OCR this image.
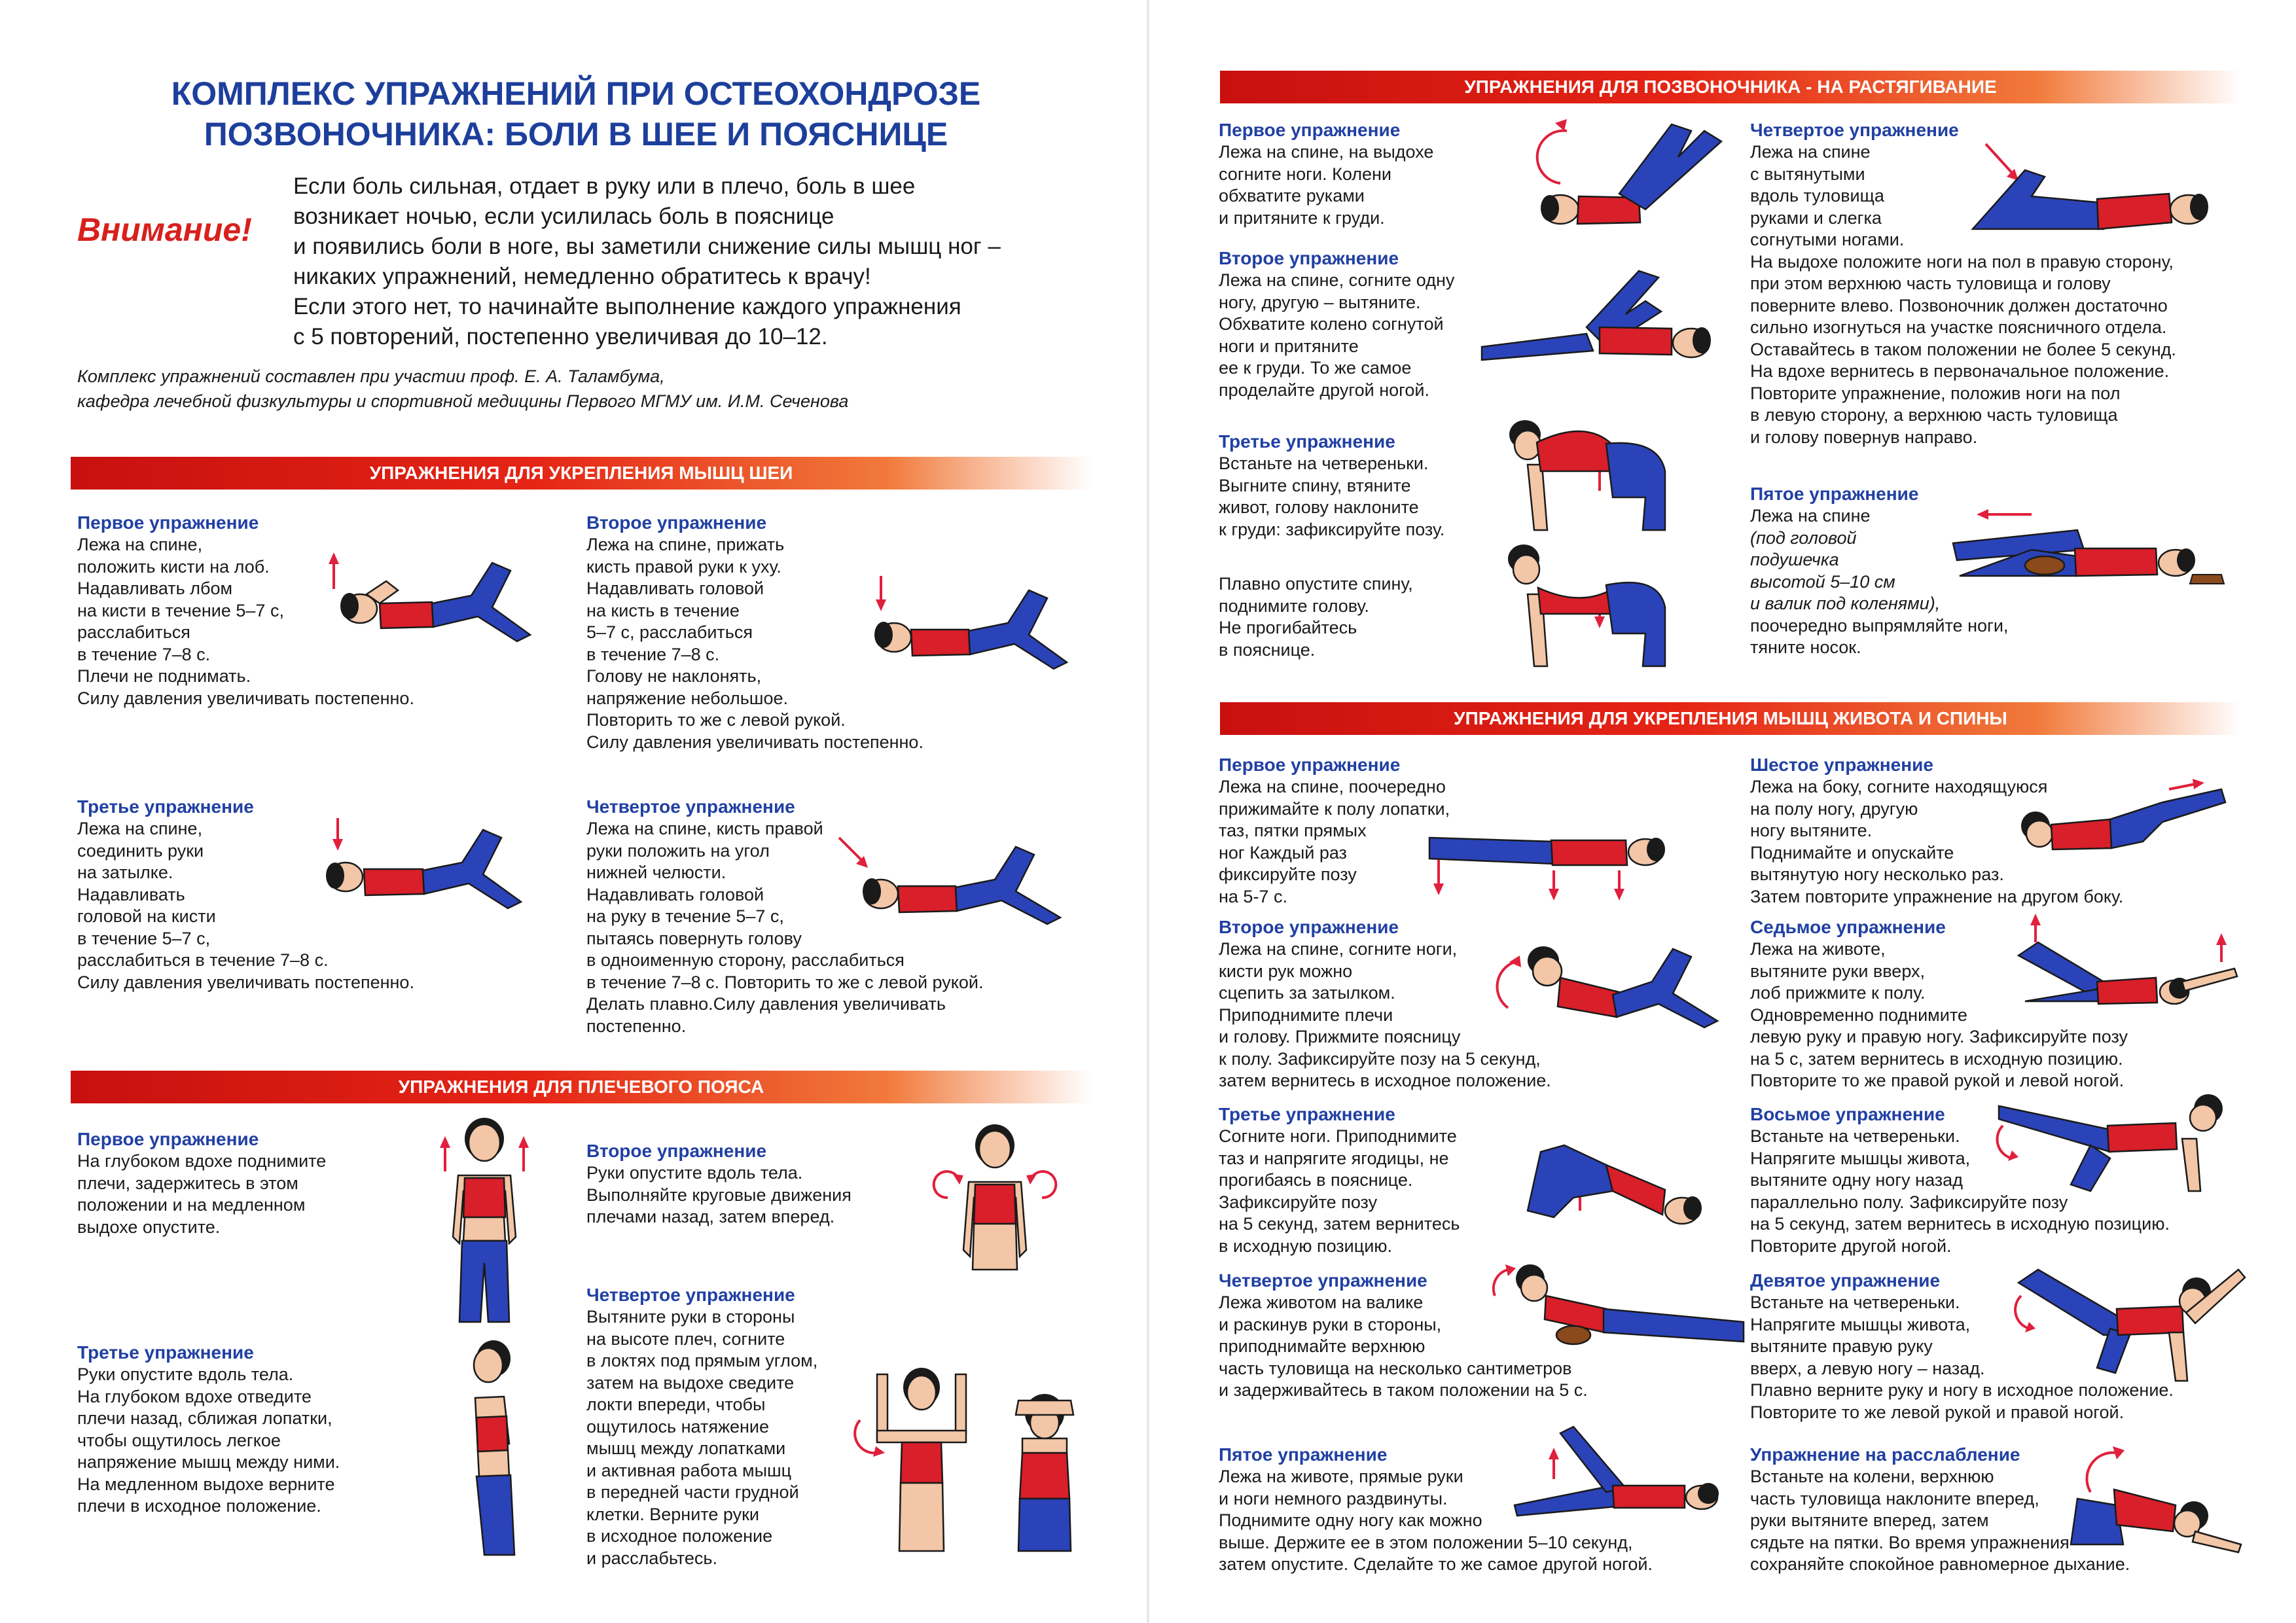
КОМПЛЕКС УПРАЖНЕНИЙ ПРИ ОСТЕОХОНДРОЗЕ
ПОЗВОНОЧНИКА: БОЛИ В ШЕЕ И ПОЯСНИЦЕ
Внимание!
Если боль сильная, отдает в руку или в плечо, боль в шее
возникает ночью, если усилилась боль в пояснице
и появились боли в ноге, вы заметили снижение силы мышц ног –
никаких упражнений, немедленно обратитесь к врачу!
Если этого нет, то начинайте выполнение каждого упражнения
с 5 повторений, постепенно увеличивая до 10–12.
Комплекс упражнений составлен при участии проф. Е. А. Таламбума,
кафедра лечебной физкультуры и спортивной медицины Первого МГМУ им. И.М. Сеченова
УПРАЖНЕНИЯ ДЛЯ УКРЕПЛЕНИЯ МЫШЦ ШЕИ
Первое упражнение
Лежа на спине,
положить кисти на лоб.
Надавливать лбом
на кисти в течение 5–7 с,
расслабиться
в течение 7–8 с.
Плечи не поднимать.
Силу давления увеличивать постепенно.
Второе упражнение
Лежа на спине, прижать
кисть правой руки к уху.
Надавливать головой
на кисть в течение
5–7 с, расслабиться
в течение 7–8 с.
Голову не наклонять,
напряжение небольшое.
Повторить то же с левой рукой.
Силу давления увеличивать постепенно.
Третье упражнение
Лежа на спине,
соединить руки
на затылке.
Надавливать
головой на кисти
в течение 5–7 с,
расслабиться в течение 7–8 с.
Силу давления увеличивать постепенно.
Четвертое упражнение
Лежа на спине, кисть правой
руки положить на угол
нижней челюсти.
Надавливать головой
на руку в течение 5–7 с,
пытаясь повернуть голову
в одноименную сторону, расслабиться
в течение 7–8 с. Повторить то же с левой рукой.
Делать плавно.Силу давления увеличивать
постепенно.
УПРАЖНЕНИЯ ДЛЯ ПЛЕЧЕВОГО ПОЯСА
Первое упражнение
На глубоком вдохе поднимите
плечи, задержитесь в этом
положении и на медленном
выдохе опустите.
Второе упражнение
Руки опустите вдоль тела.
Выполняйте круговые движения
плечами назад, затем вперед.
Третье упражнение
Руки опустите вдоль тела.
На глубоком вдохе отведите
плечи назад, сближая лопатки,
чтобы ощутилось легкое
напряжение мышц между ними.
На медленном выдохе верните
плечи в исходное положение.
Четвертое упражнение
Вытяните руки в стороны
на высоте плеч, согните
в локтях под прямым углом,
затем на выдохе сведите
локти впереди, чтобы
ощутилось натяжение
мышц между лопатками
и активная работа мышц
в передней части грудной
клетки. Верните руки
в исходное положение
и расслабьтесь.
УПРАЖНЕНИЯ ДЛЯ ПОЗВОНОЧНИКА - НА РАСТЯГИВАНИЕ
Первое упражнение
Лежа на спине, на выдохе
согните ноги. Колени
обхватите руками
и притяните к груди.
Второе упражнение
Лежа на спине, согните одну
ногу, другую – вытяните.
Обхватите колено согнутой
ноги и притяните
ее к груди. То же самое
проделайте другой ногой.
Третье упражнение
Встаньте на четвереньки.
Выгните спину, втяните
живот, голову наклоните
к груди: зафиксируйте позу.
Плавно опустите спину,
поднимите голову.
Не прогибайтесь
в пояснице.
Четвертое упражнение
Лежа на спине
с вытянутыми
вдоль туловища
руками и слегка
согнутыми ногами.
На выдохе положите ноги на пол в правую сторону,
при этом верхнюю часть туловища и голову
поверните влево. Позвоночник должен достаточно
сильно изогнуться на участке поясничного отдела.
Оставайтесь в таком положении не более 5 секунд.
На вдохе вернитесь в первоначальное положение.
Повторите упражнение, положив ноги на пол
в левую сторону, а верхнюю часть туловища
и голову повернув направо.
Пятое упражнение
Лежа на спине
(под головой
подушечка
высотой 5–10 см
и валик под коленями),
поочередно выпрямляйте ноги,
тяните носок.
УПРАЖНЕНИЯ ДЛЯ УКРЕПЛЕНИЯ МЫШЦ ЖИВОТА И СПИНЫ
Первое упражнение
Лежа на спине, поочередно
прижимайте к полу лопатки,
таз, пятки прямых
ног Каждый раз
фиксируйте позу
на 5-7 с.
Второе упражнение
Лежа на спине, согните ноги,
кисти рук можно
сцепить за затылком.
Приподнимите плечи
и голову. Прижмите поясницу
к полу. Зафиксируйте позу на 5 секунд,
затем вернитесь в исходное положение.
Третье упражнение
Согните ноги. Приподнимите
таз и напрягите ягодицы, не
прогибаясь в пояснице.
Зафиксируйте позу
на 5 секунд, затем вернитесь
в исходную позицию.
Четвертое упражнение
Лежа животом на валике
и раскинув руки в стороны,
приподнимайте верхнюю
часть туловища на несколько сантиметров
и задерживайтесь в таком положении на 5 с.
Пятое упражнение
Лежа на животе, прямые руки
и ноги немного раздвинуты.
Поднимите одну ногу как можно
выше. Держите ее в этом положении 5–10 секунд,
затем опустите. Сделайте то же самое другой ногой.
Шестое упражнение
Лежа на боку, согните находящуюся
на полу ногу, другую
ногу вытяните.
Поднимайте и опускайте
вытянутую ногу несколько раз.
Затем повторите упражнение на другом боку.
Седьмое упражнение
Лежа на животе,
вытяните руки вверх,
лоб прижмите к полу.
Одновременно поднимите
левую руку и правую ногу. Зафиксируйте позу
на 5 с, затем вернитесь в исходную позицию.
Повторите то же правой рукой и левой ногой.
Восьмое упражнение
Встаньте на четвереньки.
Напрягите мышцы живота,
вытяните одну ногу назад
параллельно полу. Зафиксируйте позу
на 5 секунд, затем вернитесь в исходную позицию.
Повторите другой ногой.
Девятое упражнение
Встаньте на четвереньки.
Напрягите мышцы живота,
вытяните правую руку
вверх, а левую ногу – назад.
Плавно верните руку и ногу в исходное положение.
Повторите то же левой рукой и правой ногой.
Упражнение на расслабление
Встаньте на колени, верхнюю
часть туловища наклоните вперед,
руки вытяните вперед, затем
сядьте на пятки. Во время упражнения
сохраняйте спокойное равномерное дыхание.
